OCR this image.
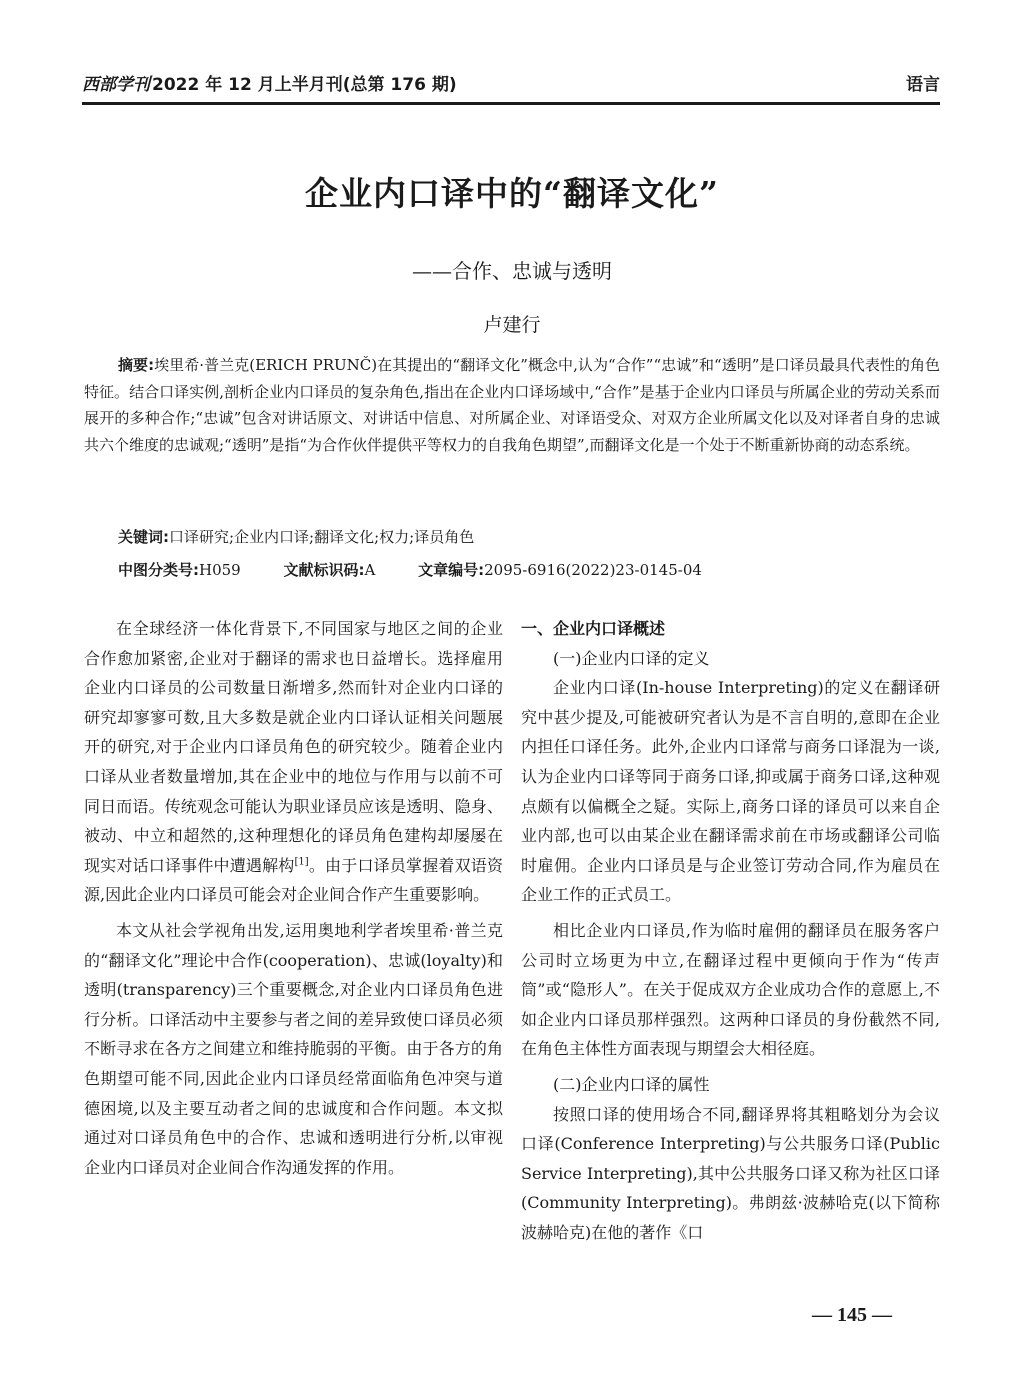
西部学刊 2022 年 12 月上半月刊(总第 176 期)	语言
企业内口译中的“翻译文化”
——合作、忠诚与透明
卢建行
摘要:埃里希·普兰克(ERICH PRUNČ)在其提出的“翻译文化”概念中,认为“合作”“忠诚”和“透明”是口译员最具代表性的角色特征。结合口译实例,剖析企业内口译员的复杂角色,指出在企业内口译场域中,“合作”是基于企业内口译员与所属企业的劳动关系而展开的多种合作;“忠诚”包含对讲话原文、对讲话中信息、对所属企业、对译语受众、对双方企业所属文化以及对译者自身的忠诚共六个维度的忠诚观;“透明”是指“为合作伙伴提供平等权力的自我角色期望”,而翻译文化是一个处于不断重新协商的动态系统。
关键词:口译研究;企业内口译;翻译文化;权力;译员角色
中图分类号:H059	文献标识码:A	文章编号:2095-6916(2022)23-0145-04

在全球经济一体化背景下,不同国家与地区之间的企业合作愈加紧密,企业对于翻译的需求也日益增长。选择雇用企业内口译员的公司数量日渐增多,然而针对企业内口译的研究却寥寥可数,且大多数是就企业内口译认证相关问题展开的研究,对于企业内口译员角色的研究较少。随着企业内口译从业者数量增加,其在企业中的地位与作用与以前不可同日而语。传统观念可能认为职业译员应该是透明、隐身、被动、中立和超然的,这种理想化的译员角色建构却屡屡在现实对话口译事件中遭遇解构[1]。由于口译员掌握着双语资源,因此企业内口译员可能会对企业间合作产生重要影响。

本文从社会学视角出发,运用奥地利学者埃里希·普兰克的“翻译文化”理论中合作(cooperation)、忠诚(loyalty)和透明(transparency)三个重要概念,对企业内口译员角色进行分析。口译活动中主要参与者之间的差异致使口译员必须不断寻求在各方之间建立和维持脆弱的平衡。由于各方的角色期望可能不同,因此企业内口译员经常面临角色冲突与道德困境,以及主要互动者之间的忠诚度和合作问题。本文拟通过对口译员角色中的合作、忠诚和透明进行分析,以审视企业内口译员对企业间合作沟通发挥的作用。

一、企业内口译概述
(一)企业内口译的定义

企业内口译(In-house Interpreting)的定义在翻译研究中甚少提及,可能被研究者认为是不言自明的,意即在企业内担任口译任务。此外,企业内口译常与商务口译混为一谈,认为企业内口译等同于商务口译,抑或属于商务口译,这种观点颇有以偏概全之疑。实际上,商务口译的译员可以来自企业内部,也可以由某企业在翻译需求前在市场或翻译公司临时雇佣。企业内口译员是与企业签订劳动合同,作为雇员在企业工作的正式员工。

相比企业内口译员,作为临时雇佣的翻译员在服务客户公司时立场更为中立,在翻译过程中更倾向于作为“传声筒”或“隐形人”。在关于促成双方企业成功合作的意愿上,不如企业内口译员那样强烈。这两种口译员的身份截然不同,在角色主体性方面表现与期望会大相径庭。

(二)企业内口译的属性

按照口译的使用场合不同,翻译界将其粗略划分为会议口译(Conference Interpreting)与公共服务口译(Public Service Interpreting),其中公共服务口译又称为社区口译(Community Interpreting)。弗朗兹·波赫哈克(以下简称波赫哈克)在他的著作《口

— 145 —
